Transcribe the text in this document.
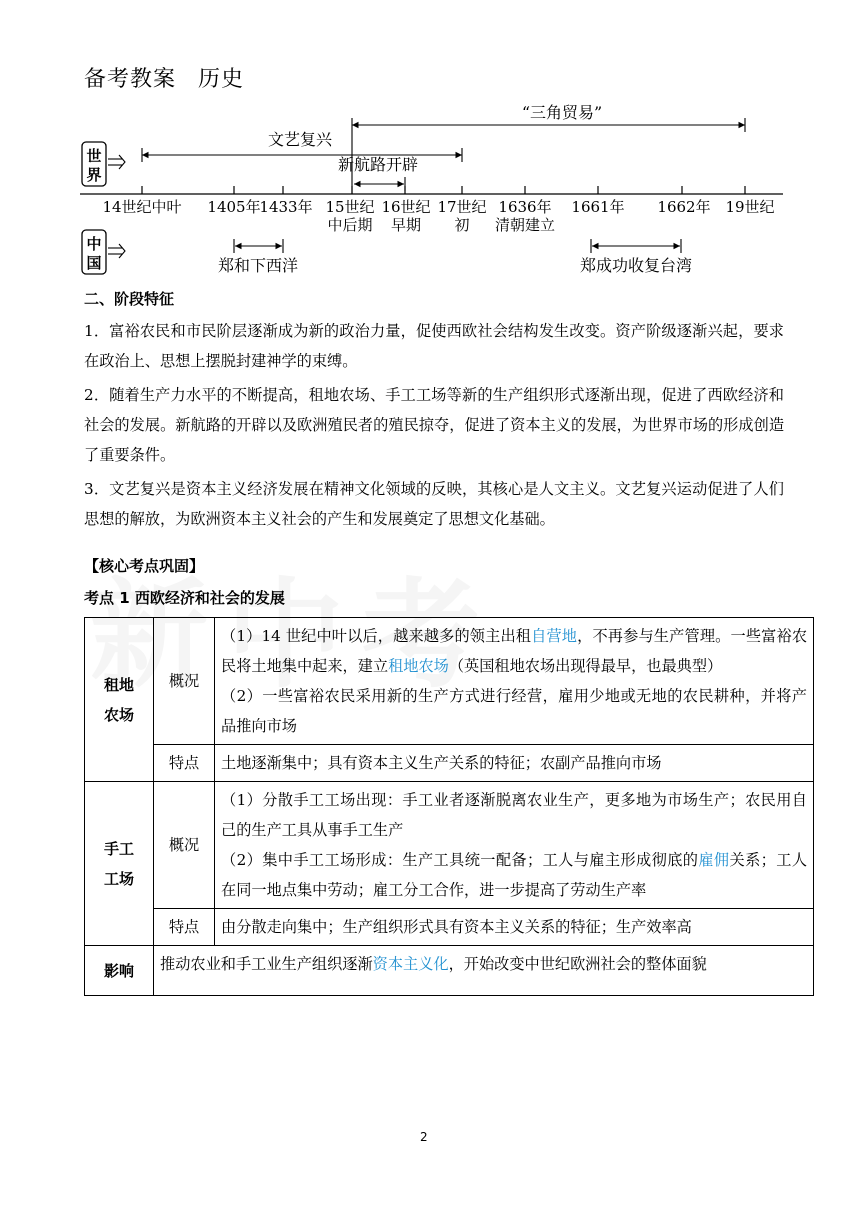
备考教案 历史
世
界
文艺复兴
“三角贸易”
新航路开辟
14世纪中叶 1405年
1433年 15世纪
中后期
16世纪
早期
17世纪
初
1636年
清朝建立
1661年 1662年 19世纪
中
国	郑和下西洋	郑成功收复台湾
二、阶段特征
1．富裕农民和市民阶层逐渐成为新的政治力量，促使西欧社会结构发生改变。资产阶级逐渐兴起，要求在政治上、思想上摆脱封建神学的束缚。
2．随着生产力水平的不断提高，租地农场、手工工场等新的生产组织形式逐渐出现，促进了西欧经济和社会的发展。新航路的开辟以及欧洲殖民者的殖民掠夺，促进了资本主义的发展，为世界市场的形成创造了重要条件。
3．文艺复兴是资本主义经济发展在精神文化领域的反映，其核心是人文主义。文艺复兴运动促进了人们思想的解放，为欧洲资本主义社会的产生和发展奠定了思想文化基础。
【核心考点巩固】
考点 1 西欧经济和社会的发展
租地
农场	概况	（1）14 世纪中叶以后，越来越多的领主出租自营地，不再参与生产管理。一些富裕农民将土地集中起来，建立租地农场（英国租地农场出现得最早，也最典型）
（2）一些富裕农民采用新的生产方式进行经营，雇用少地或无地的农民耕种，并将产品推向市场
	特点	土地逐渐集中；具有资本主义生产关系的特征；农副产品推向市场
手工
工场	概况	（1）分散手工工场出现：手工业者逐渐脱离农业生产，更多地为市场生产；农民用自己的生产工具从事手工生产
（2）集中手工工场形成：生产工具统一配备；工人与雇主形成彻底的雇佣关系；工人在同一地点集中劳动；雇工分工合作，进一步提高了劳动生产率
	特点	由分散走向集中；生产组织形式具有资本主义关系的特征；生产效率高
影响	推动农业和手工业生产组织逐渐资本主义化，开始改变中世纪欧洲社会的整体面貌	
2
